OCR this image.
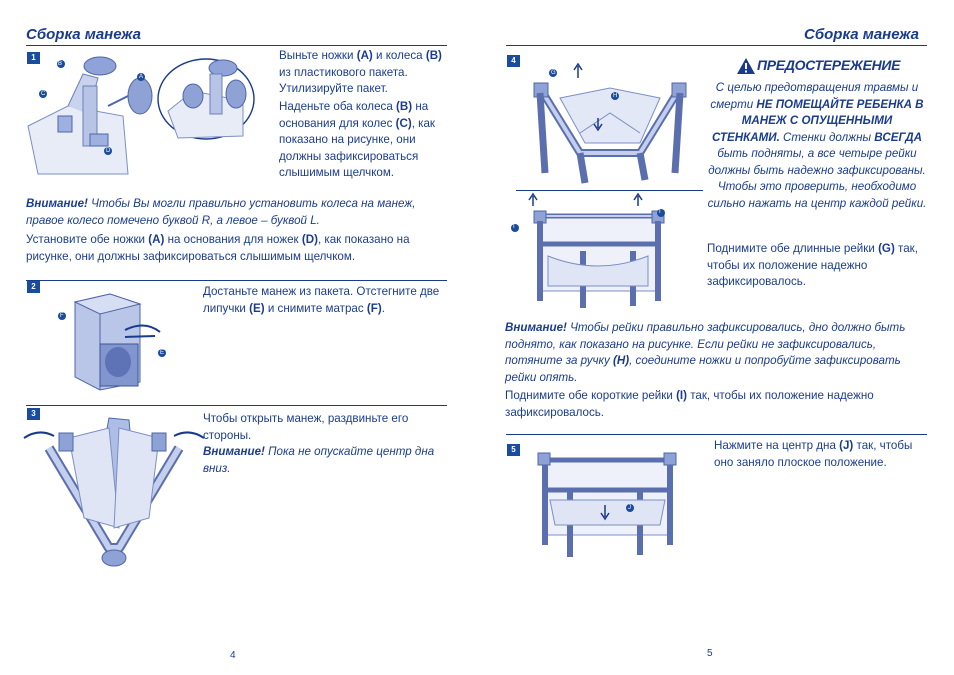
Сборка манежа
1
B
A
C
D
Выньте ножки (A) и колеса (B) из пластикового пакета. Утилизируйте пакет.
Наденьте оба колеса (B) на основания для колес (C), как показано на рисунке, они должны зафиксироваться слышимым щелчком.
Внимание! Чтобы Вы могли правильно установить колеса на манеж, правое колесо помечено буквой R, а левое – буквой L.
Установите обе ножки (A) на основания для ножек (D), как показано на рисунке, они должны зафиксироваться слышимым щелчком.
2
F
E
Достаньте манеж из пакета. Отстегните две липучки (E) и снимите матрас (F).
3	Чтобы открыть манеж, раздвиньте его стороны.
Внимание! Пока не опускайте центр дна вниз.
4
Сборка манежа
4
G
H
I
I
ПРЕДОСТЕРЕЖЕНИЕ
С целью предотвращения травмы и смерти НЕ ПОМЕЩАЙТЕ РЕБЕНКА В МАНЕЖ С ОПУЩЕННЫМИ СТЕНКАМИ. Стенки должны ВСЕГДА быть подняты, а все четыре рейки должны быть надежно зафиксированы. Чтобы это проверить, необходимо сильно нажать на центр каждой рейки.
Поднимите обе длинные рейки (G) так, чтобы их положение надежно зафиксировалось.
Внимание! Чтобы рейки правильно зафиксировались, дно должно быть поднято, как показано на рисунке. Если рейки не зафиксировались, потяните за ручку (H), соедините ножки и попробуйте зафиксировать рейки опять.
Поднимите обе короткие рейки (I) так, чтобы их положение надежно зафиксировалось.
5
J
Нажмите на центр дна (J) так, чтобы оно заняло плоское положение.
5
